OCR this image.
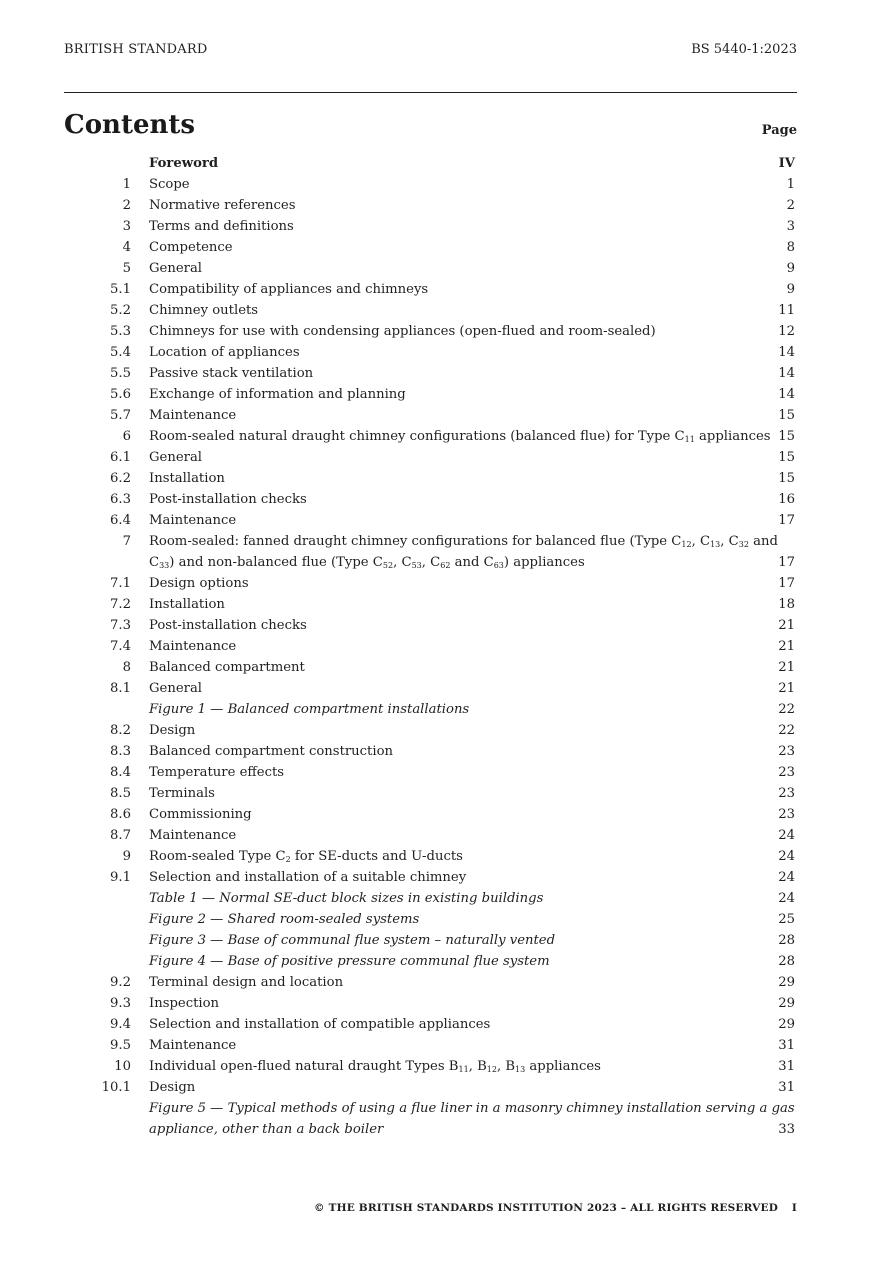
BRITISH STANDARD	BS 5440-1:2023
Contents	Page
Foreword	IV
1 Scope	1
2 Normative references	2
3 Terms and definitions	3
4 Competence	8
5 General	9
5.1 Compatibility of appliances and chimneys	9
5.2 Chimney outlets	11
5.3 Chimneys for use with condensing appliances (open-flued and room-sealed)	12
5.4 Location of appliances	14
5.5 Passive stack ventilation	14
5.6 Exchange of information and planning	14
5.7 Maintenance	15
6 Room-sealed natural draught chimney configurations (balanced flue) for Type $C_{11}$ appliances 15
6.1 General	15
6.2 Installation	15
6.3 Post-installation checks	16
6.4 Maintenance	17
7 Room-sealed: fanned draught chimney configurations for balanced flue (Type $C_{12}$, $C_{13}$, $C_{32}$ and $C_{33}$) and non-balanced flue (Type $C_{52}$, $C_{53}$, $C_{62}$ and $C_{63}$) appliances	17
7.1 Design options	17
7.2 Installation	18
7.3 Post-installation checks	21
7.4 Maintenance	21
8 Balanced compartment	21
8.1 General	21
Figure 1 — Balanced compartment installations	22
8.2 Design	22
8.3 Balanced compartment construction	23
8.4 Temperature effects	23
8.5 Terminals	23
8.6 Commissioning	23
8.7 Maintenance	24
9 Room-sealed Type $C_2$ for SE-ducts and U-ducts	24
9.1 Selection and installation of a suitable chimney	24
Table 1 — Normal SE-duct block sizes in existing buildings	24
Figure 2 — Shared room-sealed systems	25
Figure 3 — Base of communal flue system – naturally vented	28
Figure 4 — Base of positive pressure communal flue system	28
9.2 Terminal design and location	29
9.3 Inspection	29
9.4 Selection and installation of compatible appliances	29
9.5 Maintenance	31
10 Individual open-flued natural draught Types $B_{11}$, $B_{12}$, $B_{13}$ appliances	31
10.1 Design	31
Figure 5 — Typical methods of using a flue liner in a masonry chimney installation serving a gas appliance, other than a back boiler	33
© THE BRITISH STANDARDS INSTITUTION 2023 – ALL RIGHTS RESERVED I
